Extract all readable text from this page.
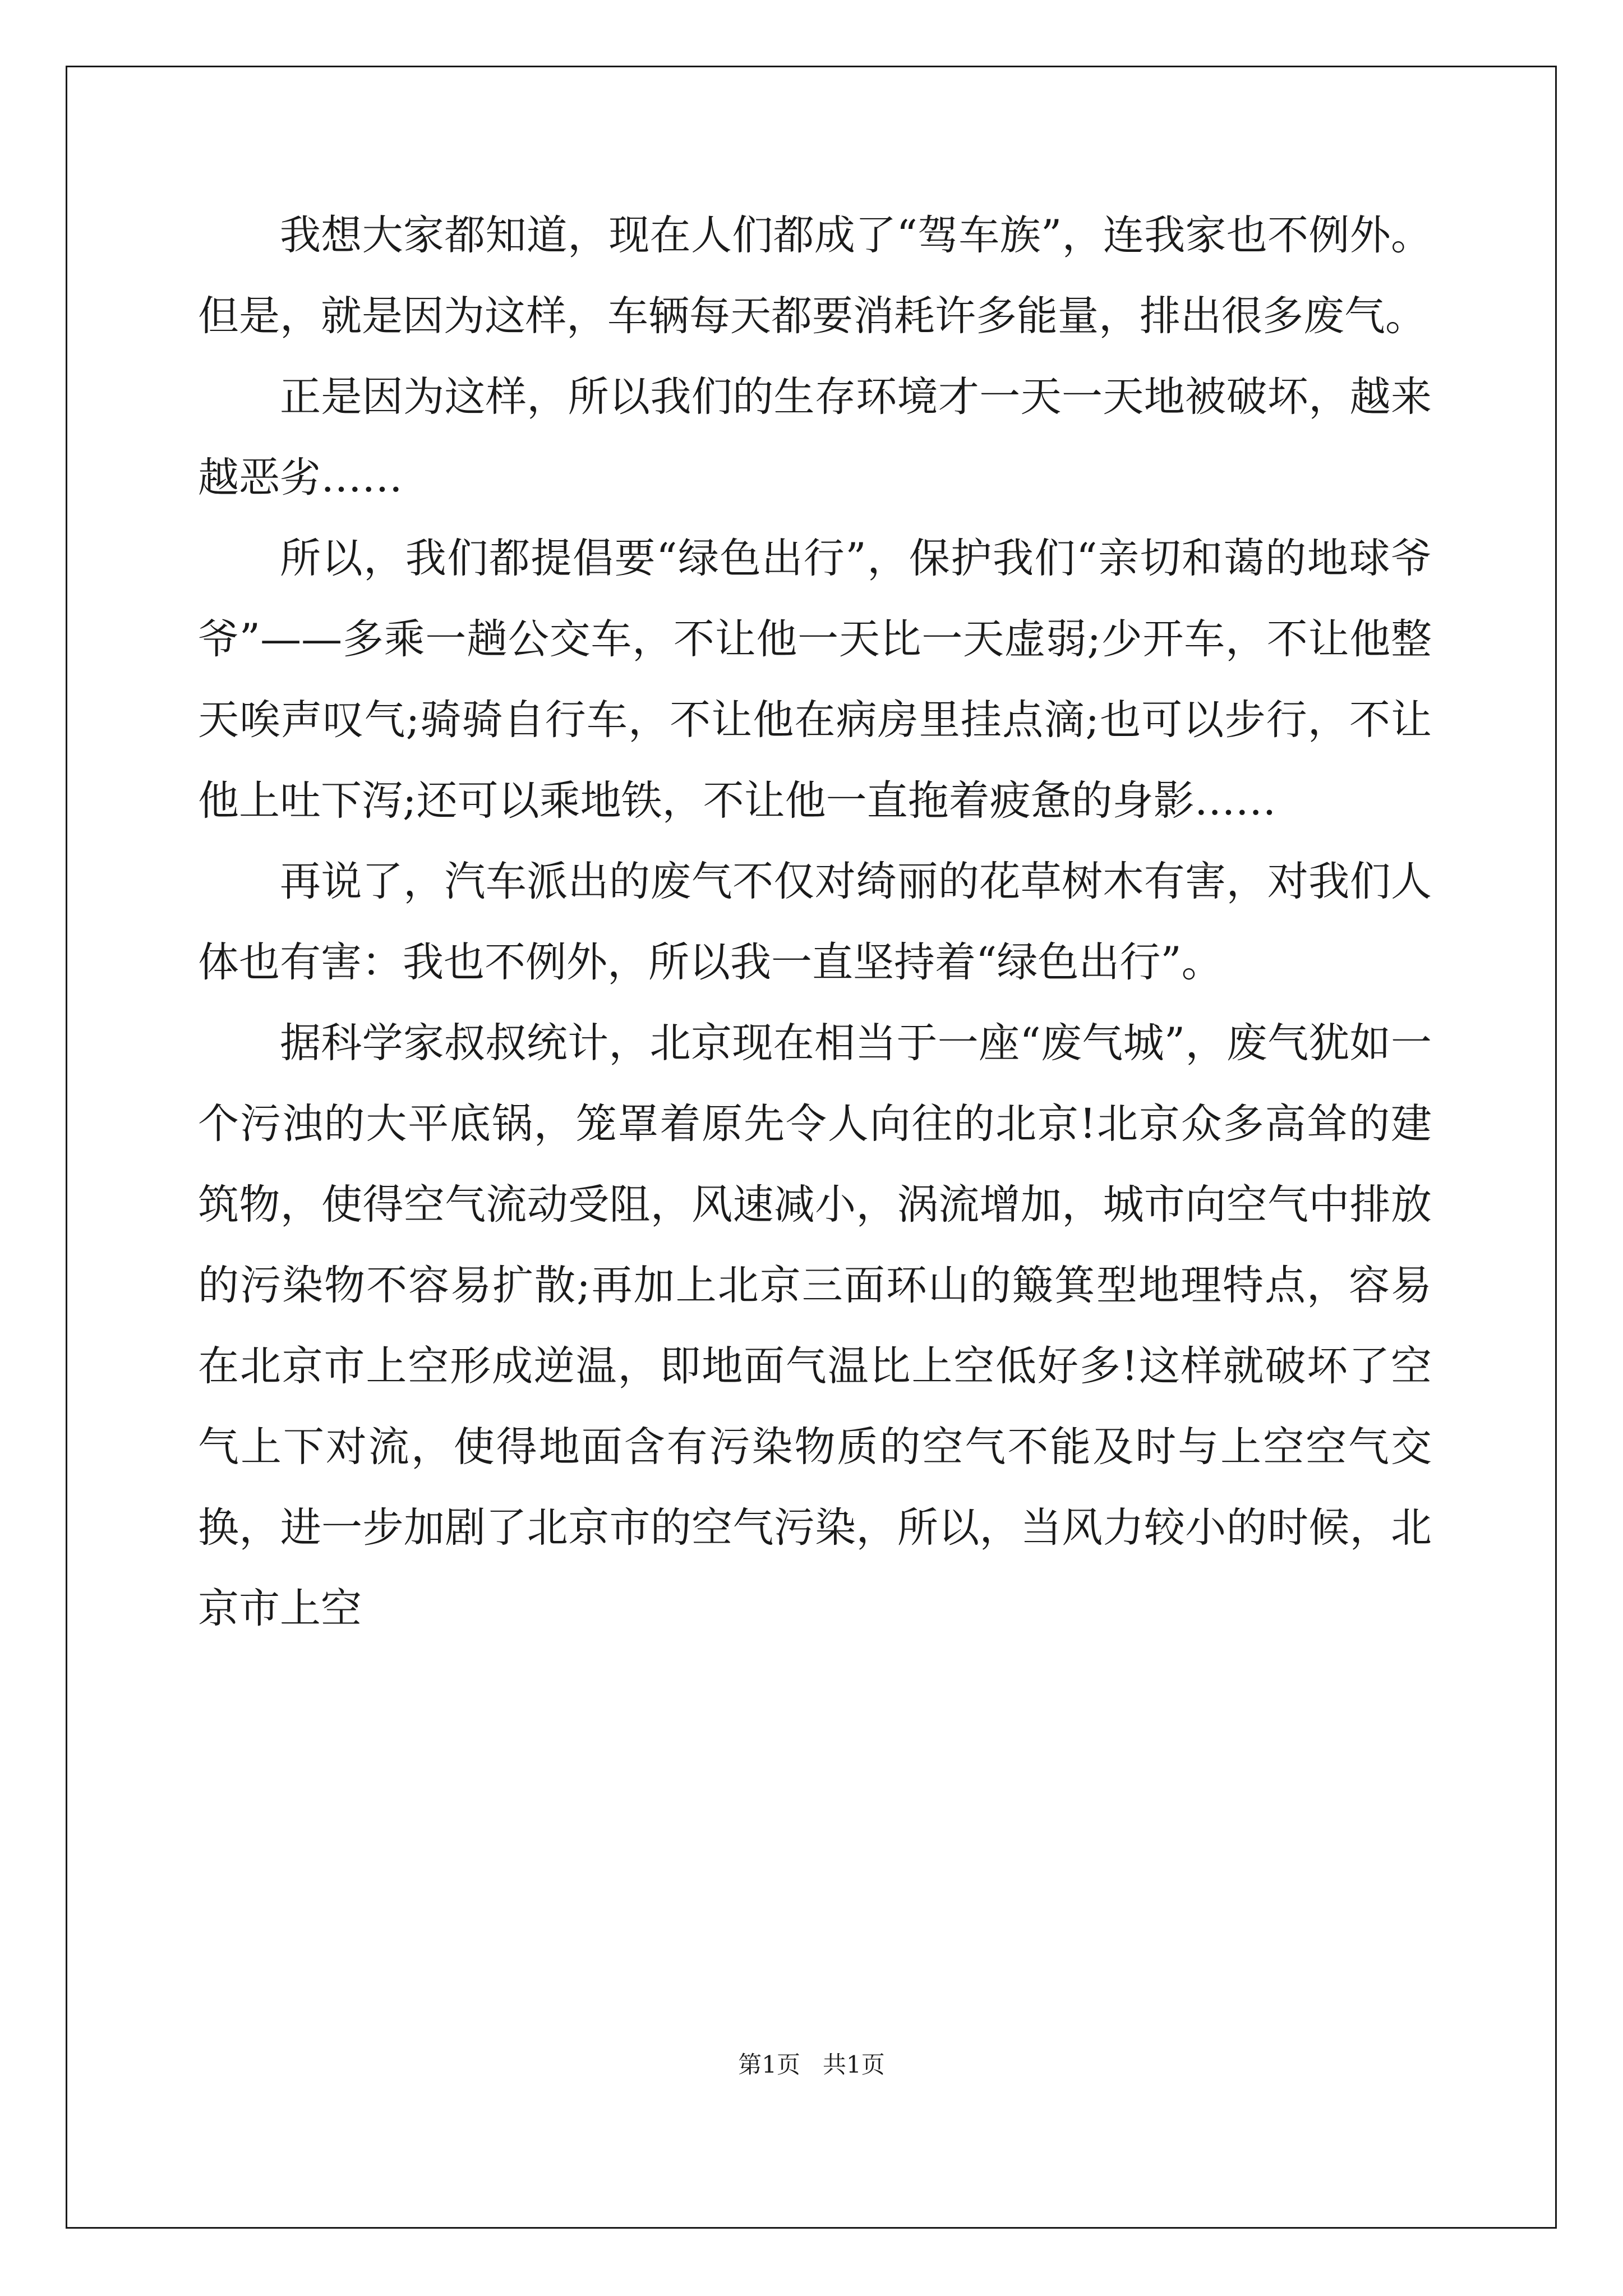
我想大家都知道，现在人们都成了“驾车族”，连我家也不例外。但是，就是因为这样，车辆每天都要消耗许多能量，排出很多废气。

正是因为这样，所以我们的生存环境才一天一天地被破坏，越来越恶劣……

所以，我们都提倡要“绿色出行”，保护我们“亲切和蔼的地球爷爷”——多乘一趟公交车，不让他一天比一天虚弱;少开车，不让他整天唉声叹气;骑骑自行车，不让他在病房里挂点滴;也可以步行，不让他上吐下泻;还可以乘地铁，不让他一直拖着疲惫的身影……

再说了，汽车派出的废气不仅对绮丽的花草树木有害，对我们人体也有害：我也不例外，所以我一直坚持着“绿色出行”。

据科学家叔叔统计，北京现在相当于一座“废气城”，废气犹如一个污浊的大平底锅，笼罩着原先令人向往的北京!北京众多高耸的建筑物，使得空气流动受阻，风速减小，涡流增加，城市向空气中排放的污染物不容易扩散;再加上北京三面环山的簸箕型地理特点，容易在北京市上空形成逆温，即地面气温比上空低好多!这样就破坏了空气上下对流，使得地面含有污染物质的空气不能及时与上空空气交换，进一步加剧了北京市的空气污染，所以，当风力较小的时候，北京市上空

第1页   共1页
